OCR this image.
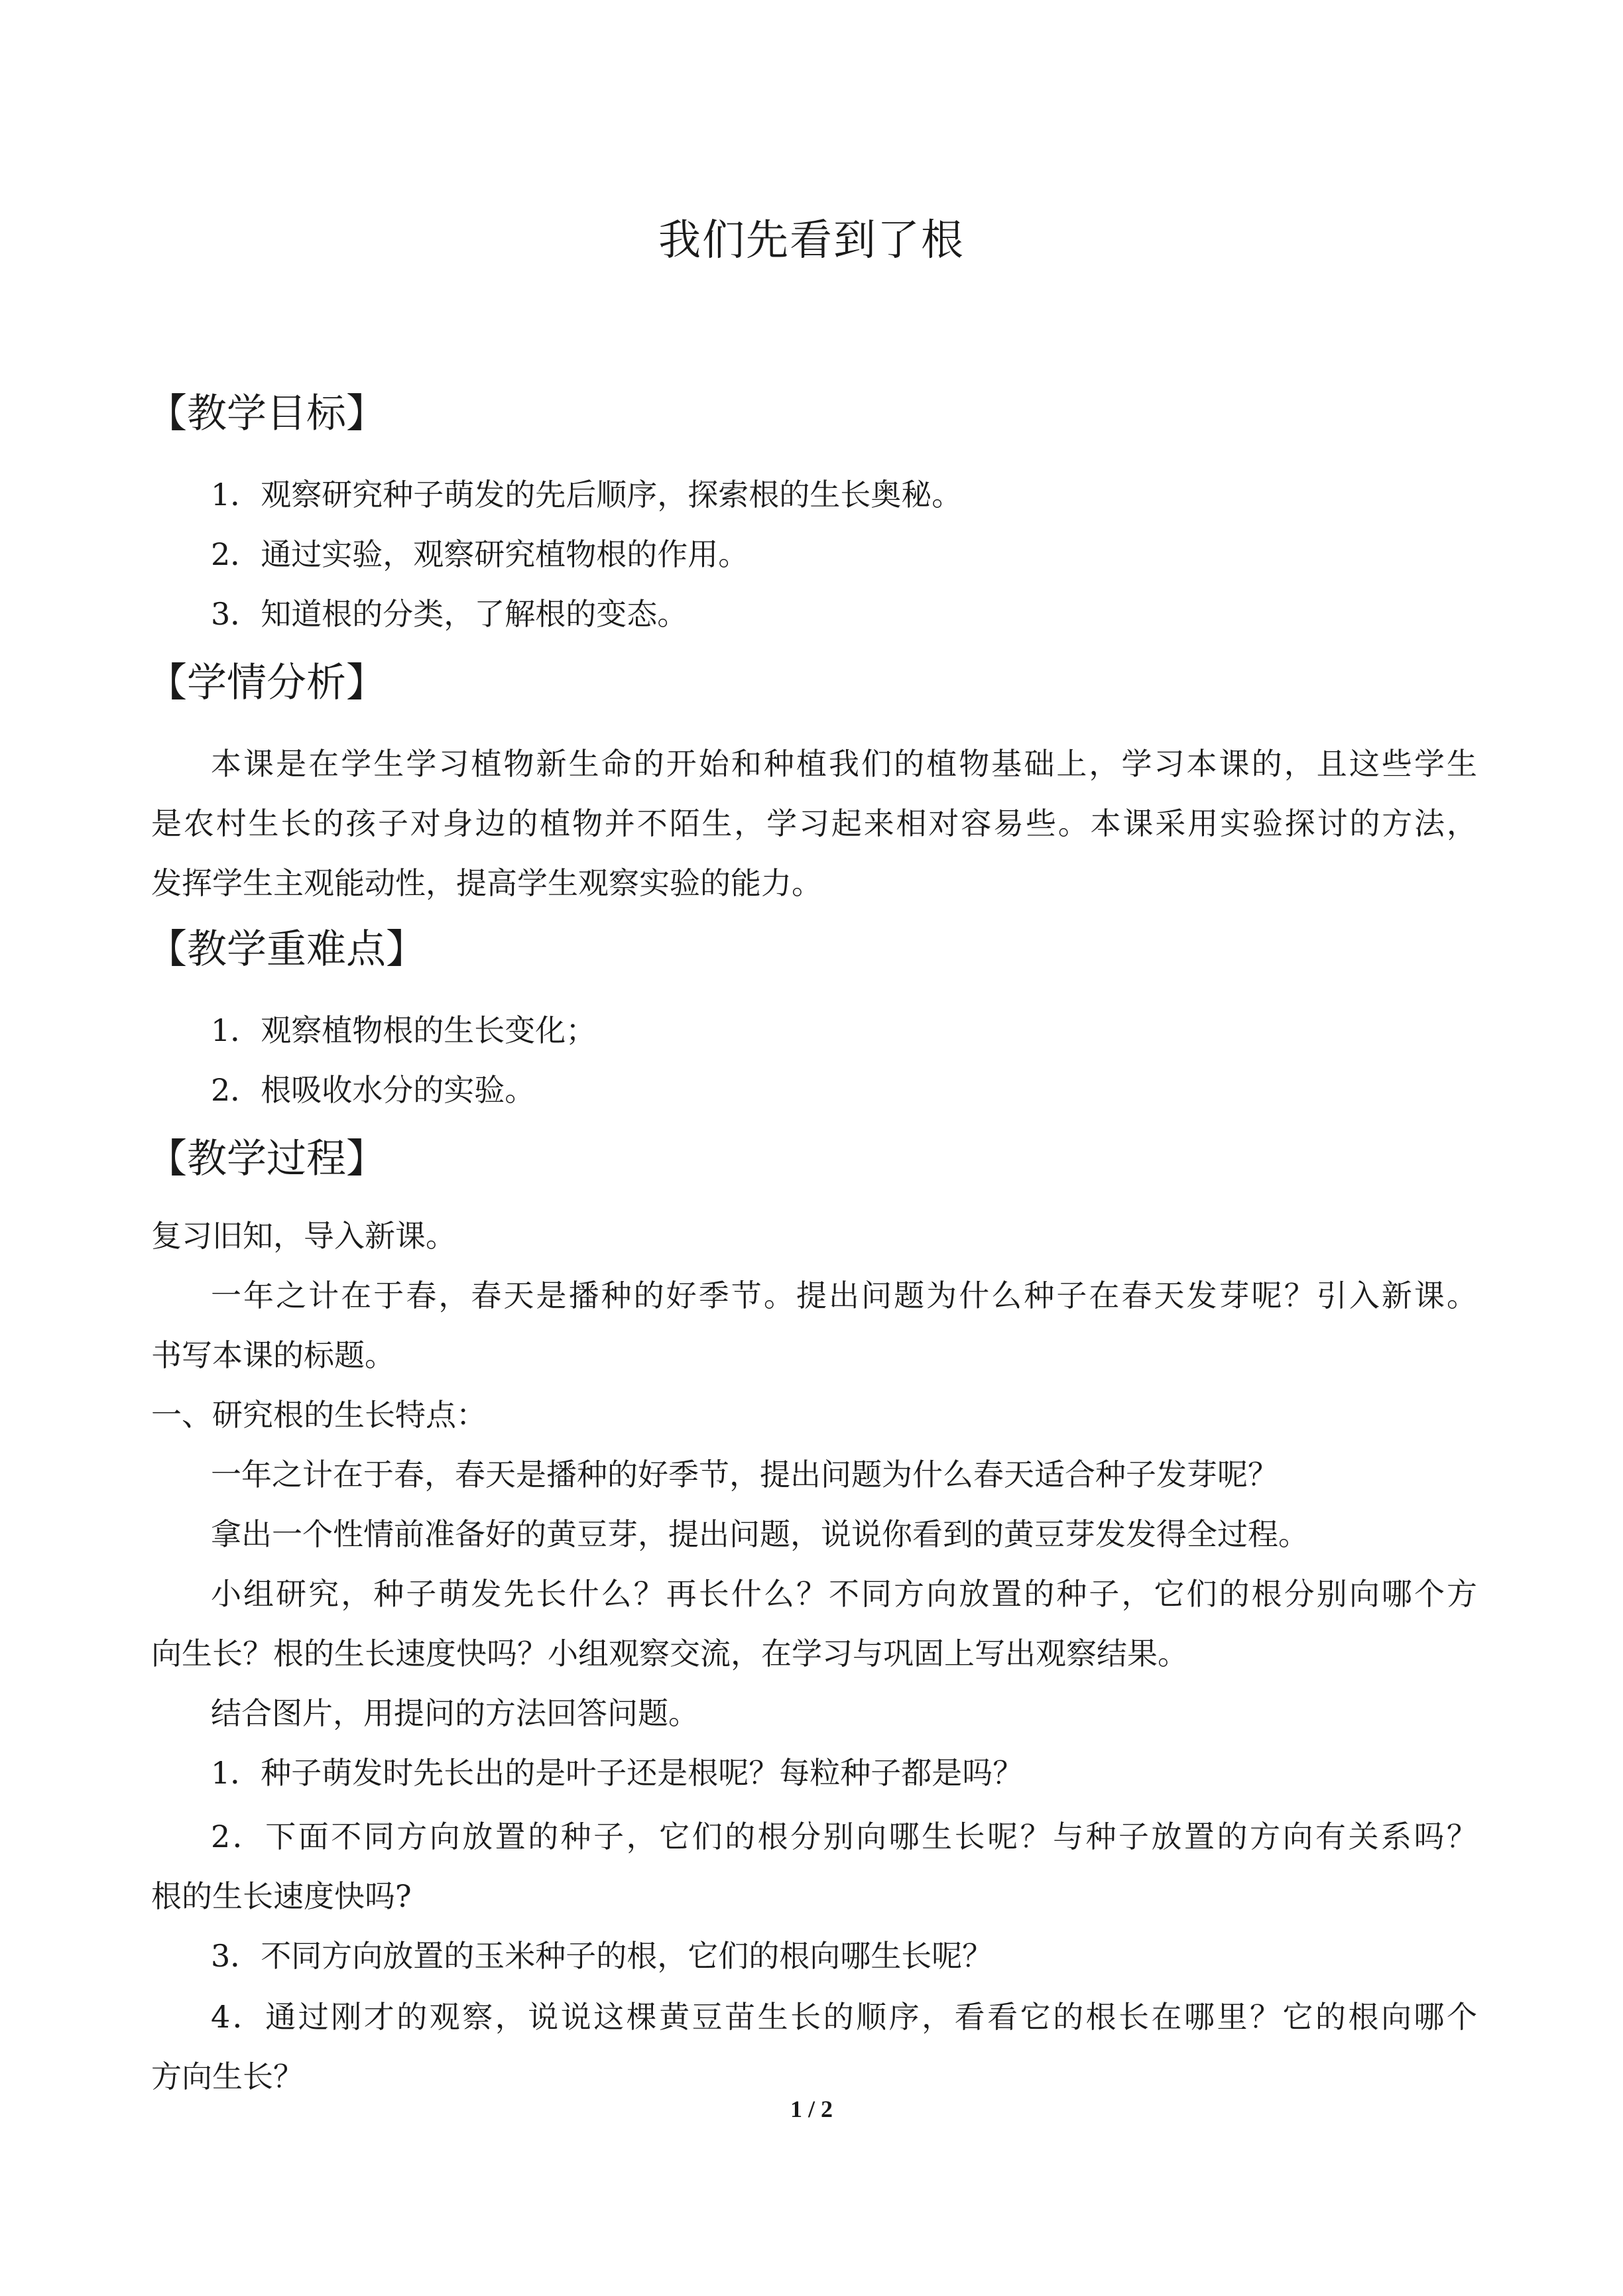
我们先看到了根
【教学目标】
1．观察研究种子萌发的先后顺序，探索根的生长奥秘。
2．通过实验，观察研究植物根的作用。
3．知道根的分类，了解根的变态。
【学情分析】
本课是在学生学习植物新生命的开始和种植我们的植物基础上，学习本课的，且这些学生
是农村生长的孩子对身边的植物并不陌生，学习起来相对容易些。本课采用实验探讨的方法，
发挥学生主观能动性，提高学生观察实验的能力。
【教学重难点】
1．观察植物根的生长变化；
2．根吸收水分的实验。
【教学过程】
复习旧知，导入新课。
一年之计在于春，春天是播种的好季节。提出问题为什么种子在春天发芽呢？引入新课。
书写本课的标题。
一、研究根的生长特点：
一年之计在于春，春天是播种的好季节，提出问题为什么春天适合种子发芽呢？
拿出一个性情前准备好的黄豆芽，提出问题，说说你看到的黄豆芽发发得全过程。
小组研究，种子萌发先长什么？再长什么？不同方向放置的种子，它们的根分别向哪个方
向生长？根的生长速度快吗？小组观察交流，在学习与巩固上写出观察结果。
结合图片，用提问的方法回答问题。
1．种子萌发时先长出的是叶子还是根呢？每粒种子都是吗？
2．下面不同方向放置的种子，它们的根分别向哪生长呢？与种子放置的方向有关系吗？
根的生长速度快吗?
3．不同方向放置的玉米种子的根，它们的根向哪生长呢？
4．通过刚才的观察，说说这棵黄豆苗生长的顺序，看看它的根长在哪里？它的根向哪个
方向生长？
1 / 2
